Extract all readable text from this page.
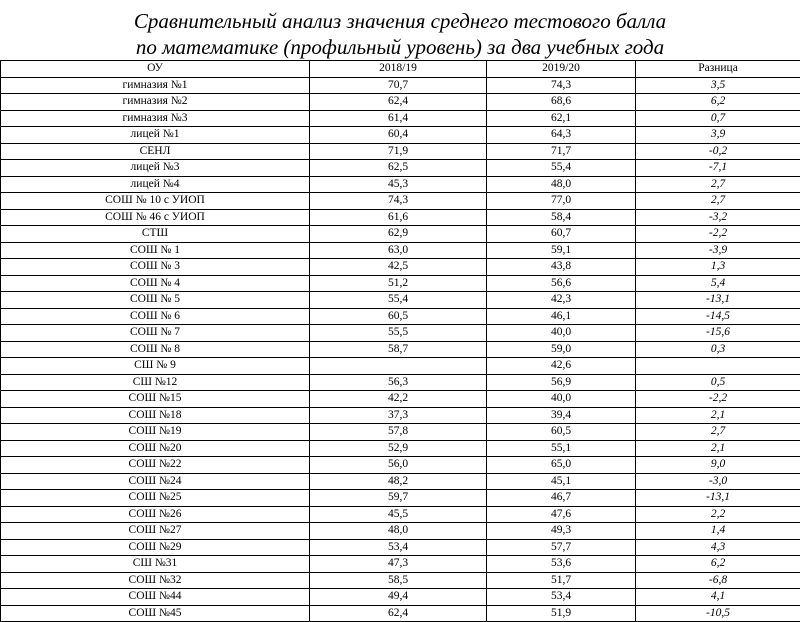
Сравнительный анализ значения среднего тестового балла
по математике (профильный уровень) за два учебных года
ОУ	2018/19	2019/20	Разница
гимназия №1	70,7	74,3	3,5
гимназия №2	62,4	68,6	6,2
гимназия №3	61,4	62,1	0,7
лицей №1	60,4	64,3	3,9
СЕНЛ	71,9	71,7	-0,2
лицей №3	62,5	55,4	-7,1
лицей №4	45,3	48,0	2,7
СОШ № 10 с УИОП	74,3	77,0	2,7
СОШ № 46 с УИОП	61,6	58,4	-3,2
СТШ	62,9	60,7	-2,2
СОШ № 1	63,0	59,1	-3,9
СОШ № 3	42,5	43,8	1,3
СОШ № 4	51,2	56,6	5,4
СОШ № 5	55,4	42,3	-13,1
СОШ № 6	60,5	46,1	-14,5
СОШ № 7	55,5	40,0	-15,6
СОШ № 8	58,7	59,0	0,3
СШ № 9		42,6	
СШ №12	56,3	56,9	0,5
СОШ №15	42,2	40,0	-2,2
СОШ №18	37,3	39,4	2,1
СОШ №19	57,8	60,5	2,7
СОШ №20	52,9	55,1	2,1
СОШ №22	56,0	65,0	9,0
СОШ №24	48,2	45,1	-3,0
СОШ №25	59,7	46,7	-13,1
СОШ №26	45,5	47,6	2,2
СОШ №27	48,0	49,3	1,4
СОШ №29	53,4	57,7	4,3
СШ №31	47,3	53,6	6,2
СОШ №32	58,5	51,7	-6,8
СОШ №44	49,4	53,4	4,1
СОШ №45	62,4	51,9	-10,5
